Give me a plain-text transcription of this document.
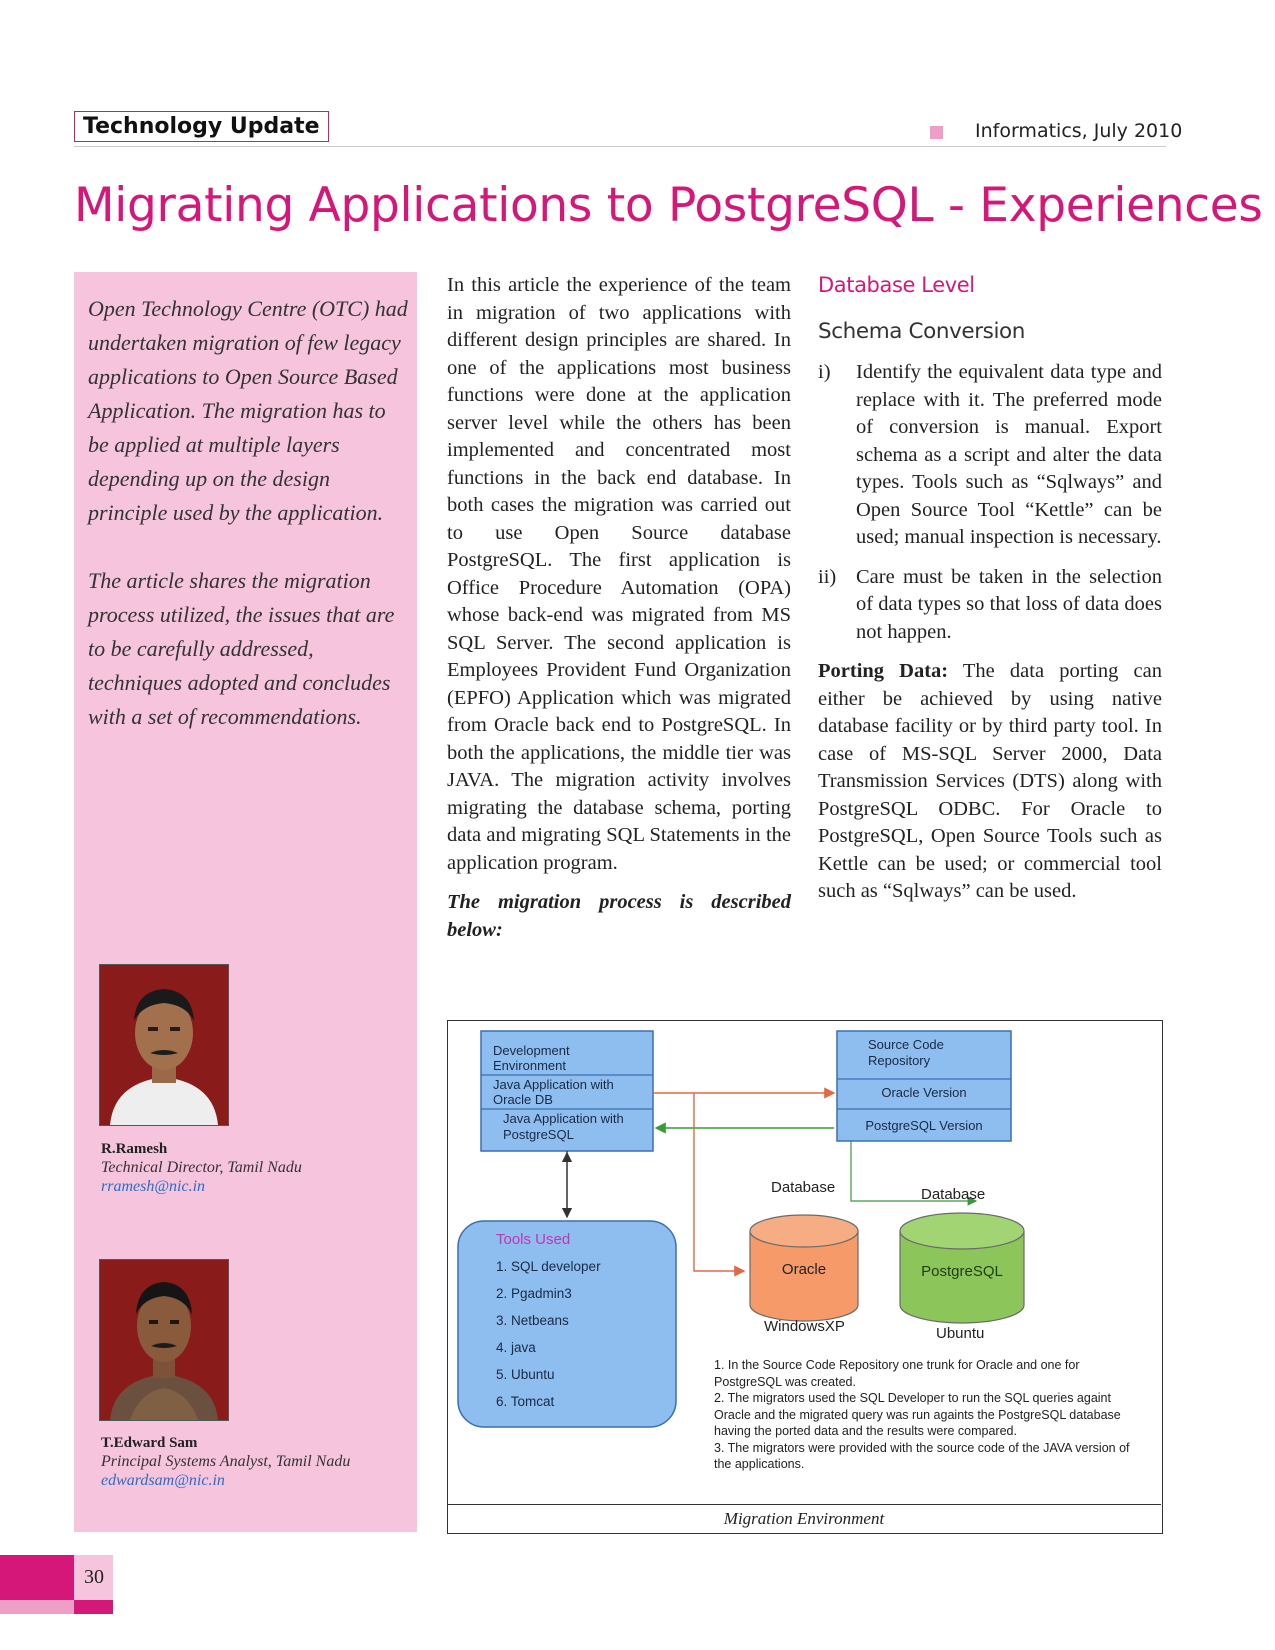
Technology Update	Informatics, July 2010
Migrating Applications to PostgreSQL - Experiences

Open Technology Centre (OTC) had undertaken migration of few legacy applications to Open Source Based Application. The migration has to be applied at multiple layers depending up on the design principle used by the application.

The article shares the migration process utilized, the issues that are to be carefully addressed, techniques adopted and concludes with a set of recommendations.

R.Ramesh
Technical Director, Tamil Nadu
rramesh@nic.in
T.Edward Sam
Principal Systems Analyst, Tamil Nadu
edwardsam@nic.in

In this article the experience of the team in migration of two applications with different design principles are shared. In one of the applications most business functions were done at the application server level while the others has been implemented and concentrated most functions in the back end database. In both cases the migration was carried out to use Open Source database PostgreSQL. The first application is Office Procedure Automation (OPA) whose back-end was migrated from MS SQL Server. The second application is Employees Provident Fund Organization (EPFO) Application which was migrated from Oracle back end to PostgreSQL. In both the applications, the middle tier was JAVA. The migration activity involves migrating the database schema, porting data and migrating SQL Statements in the application program.

The migration process is described below:

Database Level
Schema Conversion
i)	Identify the equivalent data type and replace with it. The preferred mode of conversion is manual. Export schema as a script and alter the data types. Tools such as “Sqlways” and Open Source Tool “Kettle” can be used; manual inspection is necessary.
ii) Care must be taken in the selection of data types so that loss of data does not happen.
Porting Data: The data porting can either be achieved by using native database facility or by third party tool. In case of MS-SQL Server 2000, Data Transmission Services (DTS) along with PostgreSQL ODBC. For Oracle to PostgreSQL, Open Source Tools such as Kettle can be used; or commercial tool such as “Sqlways” can be used.
Development Environment
Java Application with Oracle DB
Java Application with PostgreSQL
Source Code Repository
Oracle Version
PostgreSQL Version
Database	Database
Oracle	PostgreSQL
WindowsXP	Ubuntu
Tools Used
1. SQL developer
2. Pgadmin3
3. Netbeans
4. java
5. Ubuntu
6. Tomcat
1. In the Source Code Repository one trunk for Oracle and one for PostgreSQL was created.
2. The migrators used the SQL Developer to run the SQL queries againt Oracle and the migrated query was run againts the PostgreSQL database having the ported data and the results were compared.
3. The migrators were provided with the source code of the JAVA version of the applications.
Migration Environment
30
